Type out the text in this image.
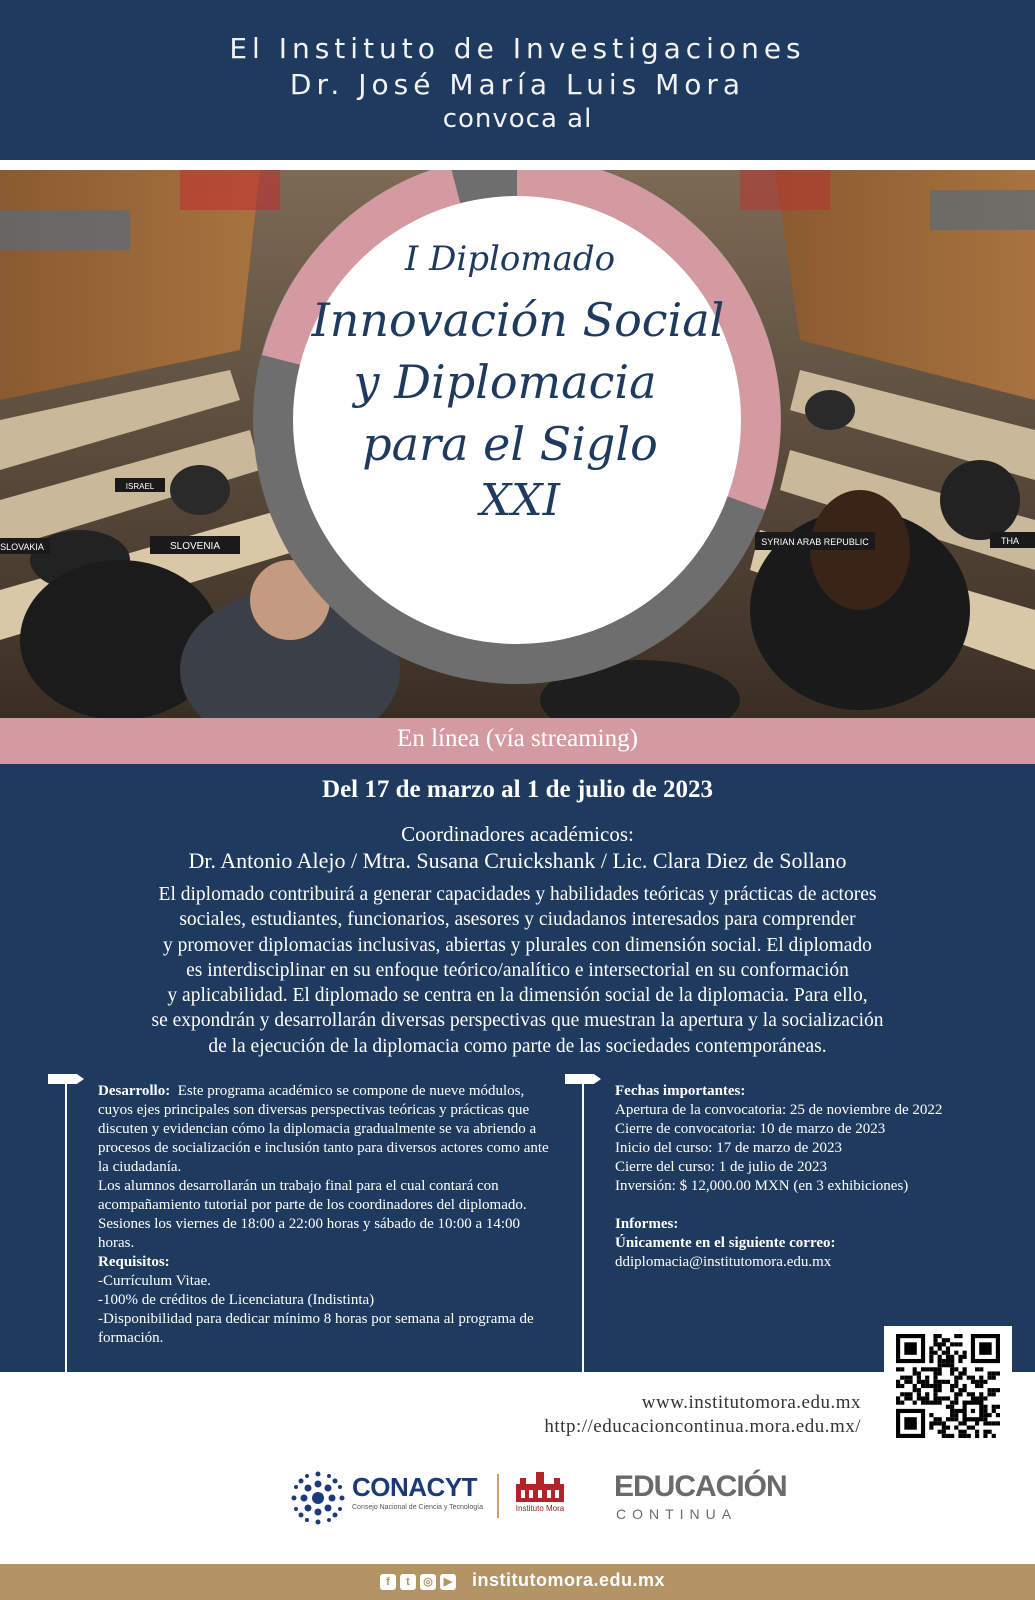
El Instituto de Investigaciones
Dr. José María Luis Mora
convoca al
SLOVENIA	SYRIAN ARAB REPUBLIC
SLOVAKIA
THA
ISRAEL
I Diplomado
Innovación Social
y Diplomacia
para el Siglo
XXI
En línea (vía streaming)
Del 17 de marzo al 1 de julio de 2023
Coordinadores académicos:
Dr. Antonio Alejo / Mtra. Susana Cruickshank / Lic. Clara Diez de Sollano
El diplomado contribuirá a generar capacidades y habilidades teóricas y prácticas de actores
sociales, estudiantes, funcionarios, asesores y ciudadanos interesados para comprender
y promover diplomacias inclusivas, abiertas y plurales con dimensión social. El diplomado
es interdisciplinar en su enfoque teórico/analítico e intersectorial en su conformación
y aplicabilidad. El diplomado se centra en la dimensión social de la diplomacia. Para ello,
se expondrán y desarrollarán diversas perspectivas que muestran la apertura y la socialización
de la ejecución de la diplomacia como parte de las sociedades contemporáneas.

Desarrollo: Este programa académico se compone de nueve módulos, cuyos ejes principales son diversas perspectivas teóricas y prácticas que discuten y evidencian cómo la diplomacia gradualmente se va abriendo a procesos de socialización e inclusión tanto para diversos actores como ante la ciudadanía.

Los alumnos desarrollarán un trabajo final para el cual contará con acompañamiento tutorial por parte de los coordinadores del diplomado.

Sesiones los viernes de 18:00 a 22:00 horas y sábado de 10:00 a 14:00 horas.

Requisitos:

-Currículum Vitae.

-100% de créditos de Licenciatura (Indistinta)

-Disponibilidad para dedicar mínimo 8 horas por semana al programa de formación.

Fechas importantes:

Apertura de la convocatoria: 25 de noviembre de 2022

Cierre de convocatoria: 10 de marzo de 2023

Inicio del curso: 17 de marzo de 2023

Cierre del curso: 1 de julio de 2023

Inversión: $ 12,000.00 MXN (en 3 exhibiciones)

Informes:

Únicamente en el siguiente correo:

ddiplomacia@institutomora.edu.mx

www.institutomora.edu.mx
http://educacioncontinua.mora.edu.mx/
CONACYT
Consejo Nacional de Ciencia y Tecnología	Instituto Mora
EDUCACIÓN
CONTINUA
f	t	◎ ▶ institutomora.edu.mx
